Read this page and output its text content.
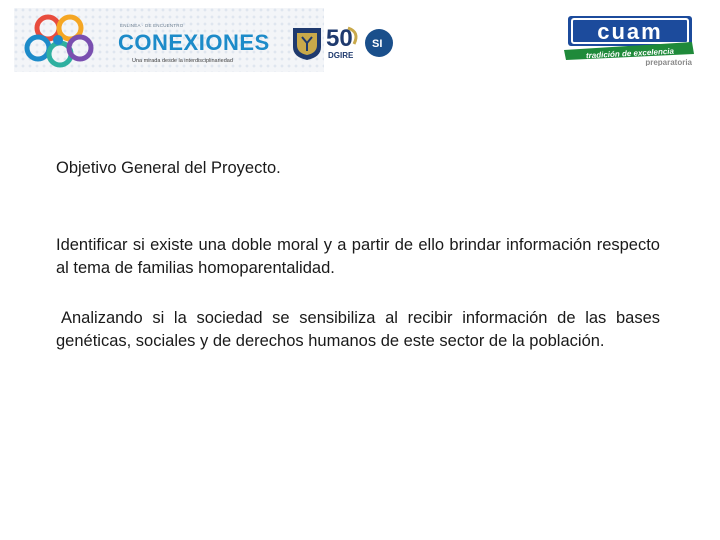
ENLINEA · DE ENCUENTRO
CONEXIONES
Una mirada desde la interdisciplinariedad
50
DGIRE
SI	cuam
tradición de excelencia
preparatoria
Objetivo General del Proyecto.
Identificar si existe una doble moral y a partir de ello brindar información respecto al tema de familias homoparentalidad.
Analizando si la sociedad se sensibiliza al recibir información de las bases genéticas, sociales y de derechos humanos de este sector de la población.
